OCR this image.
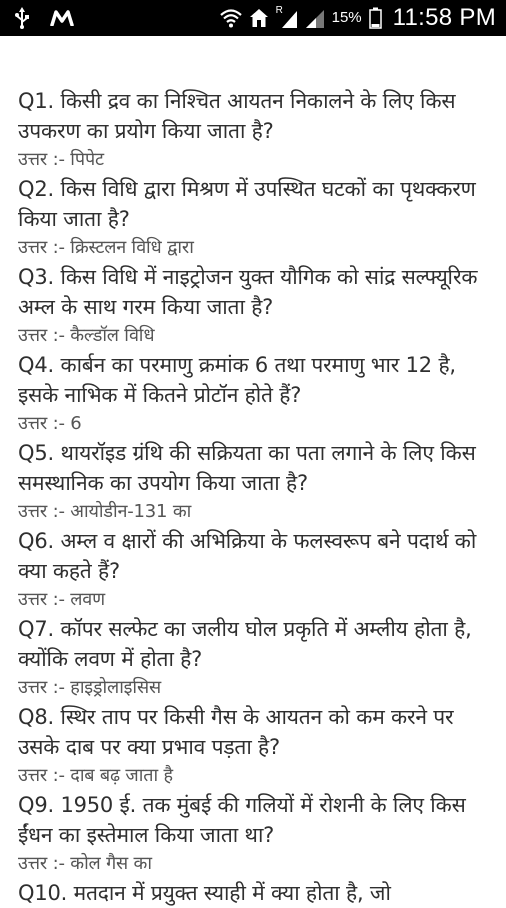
R	15% 11:58 PM
Q1. किसी द्रव का निश्चित आयतन निकालने के लिए किस उपकरण का प्रयोग किया जाता है?
उत्तर :- पिपेट
Q2. किस विधि द्वारा मिश्रण में उपस्थित घटकों का पृथक्करण किया जाता है?
उत्तर :- क्रिस्टलन विधि द्वारा
Q3. किस विधि में नाइट्रोजन युक्त यौगिक को सांद्र सल्फ्यूरिक अम्ल के साथ गरम किया जाता है?
उत्तर :- कैल्डॉल विधि
Q4. कार्बन का परमाणु क्रमांक 6 तथा परमाणु भार 12 है, इसके नाभिक में कितने प्रोटॉन होते हैं?
उत्तर :- 6
Q5. थायरॉइड ग्रंथि की सक्रियता का पता लगाने के लिए किस समस्थानिक का उपयोग किया जाता है?
उत्तर :- आयोडीन-131 का
Q6. अम्ल व क्षारों की अभिक्रिया के फलस्वरूप बने पदार्थ को क्या कहते हैं?
उत्तर :- लवण
Q7. कॉपर सल्फेट का जलीय घोल प्रकृति में अम्लीय होता है, क्योंकि लवण में होता है?
उत्तर :- हाइड्रोलाइसिस
Q8. स्थिर ताप पर किसी गैस के आयतन को कम करने पर उसके दाब पर क्या प्रभाव पड़ता है?
उत्तर :- दाब बढ़ जाता है
Q9. 1950 ई. तक मुंबई की गलियों में रोशनी के लिए किस ईंधन का इस्तेमाल किया जाता था?
उत्तर :- कोल गैस का
Q10. मतदान में प्रयुक्त स्याही में क्या होता है, जो
